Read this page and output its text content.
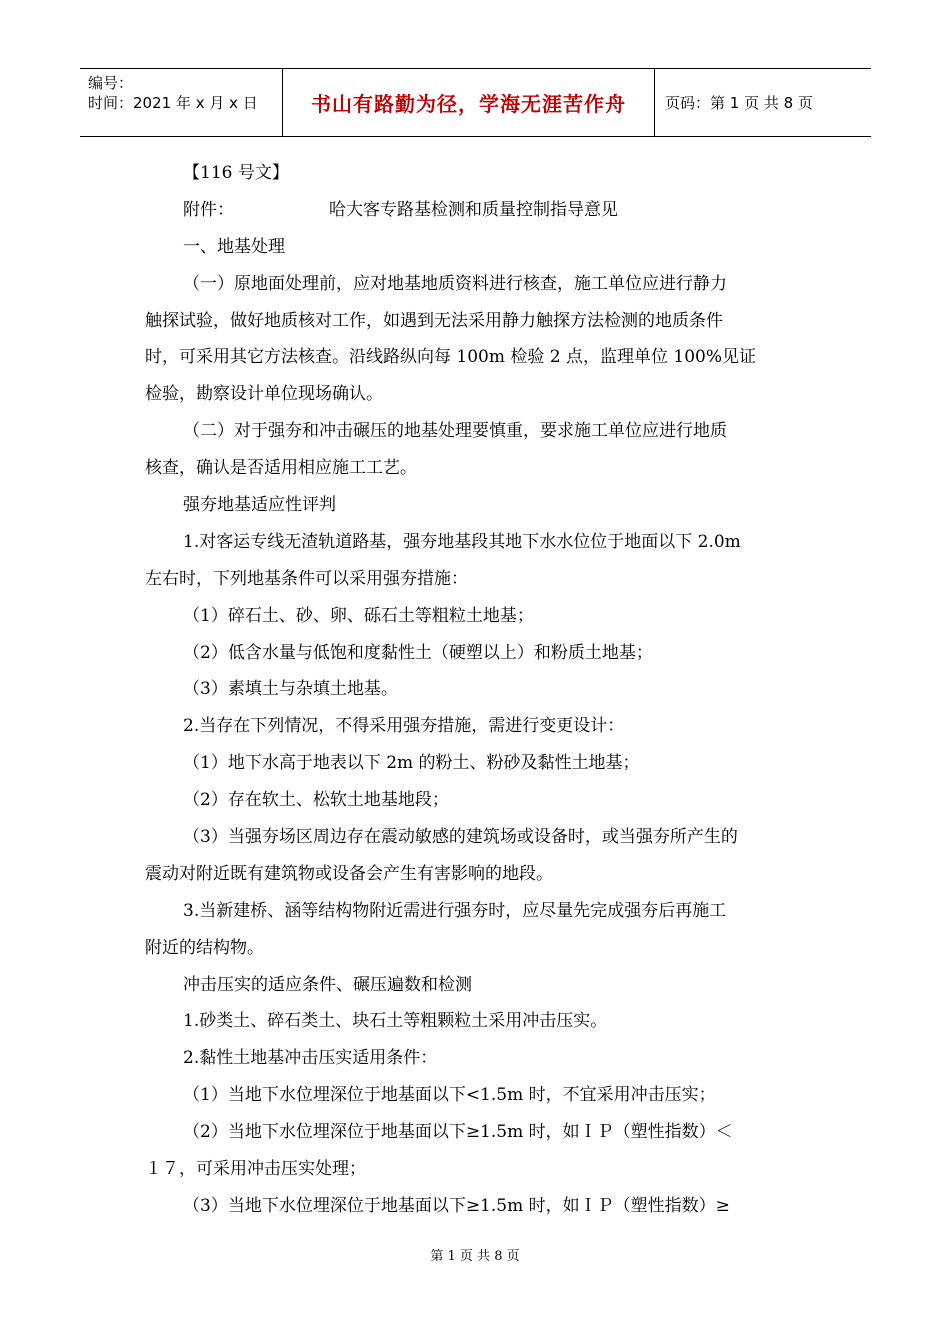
编号：
时间：2021 年 x 月 x 日	书山有路勤为径，学海无涯苦作舟	页码：第 1 页 共 8 页
【116 号文】
附件：	哈大客专路基检测和质量控制指导意见
一、地基处理
（一）原地面处理前，应对地基地质资料进行核查，施工单位应进行静力
触探试验，做好地质核对工作，如遇到无法采用静力触探方法检测的地质条件
时，可采用其它方法核查。沿线路纵向每 100m 检验 2 点，监理单位 100%见证
检验，勘察设计单位现场确认。
（二）对于强夯和冲击碾压的地基处理要慎重，要求施工单位应进行地质
核查，确认是否适用相应施工工艺。
强夯地基适应性评判
1.对客运专线无渣轨道路基，强夯地基段其地下水水位位于地面以下 2.0m
左右时，下列地基条件可以采用强夯措施：
（1）碎石土、砂、卵、砾石土等粗粒土地基；
（2）低含水量与低饱和度黏性土（硬塑以上）和粉质土地基；
（3）素填土与杂填土地基。
2.当存在下列情况，不得采用强夯措施，需进行变更设计：
（1）地下水高于地表以下 2m 的粉土、粉砂及黏性土地基；
（2）存在软土、松软土地基地段；
（3）当强夯场区周边存在震动敏感的建筑场或设备时，或当强夯所产生的
震动对附近既有建筑物或设备会产生有害影响的地段。
3.当新建桥、涵等结构物附近需进行强夯时，应尽量先完成强夯后再施工
附近的结构物。
冲击压实的适应条件、碾压遍数和检测
1.砂类土、碎石类土、块石土等粗颗粒土采用冲击压实。
2.黏性土地基冲击压实适用条件：
（1）当地下水位埋深位于地基面以下<1.5m 时，不宜采用冲击压实；
（2）当地下水位埋深位于地基面以下≥1.5m 时，如ＩＰ（塑性指数）＜
１７，可采用冲击压实处理；
（3）当地下水位埋深位于地基面以下≥1.5m 时，如ＩＰ（塑性指数）≥
第 1 页 共 8 页
